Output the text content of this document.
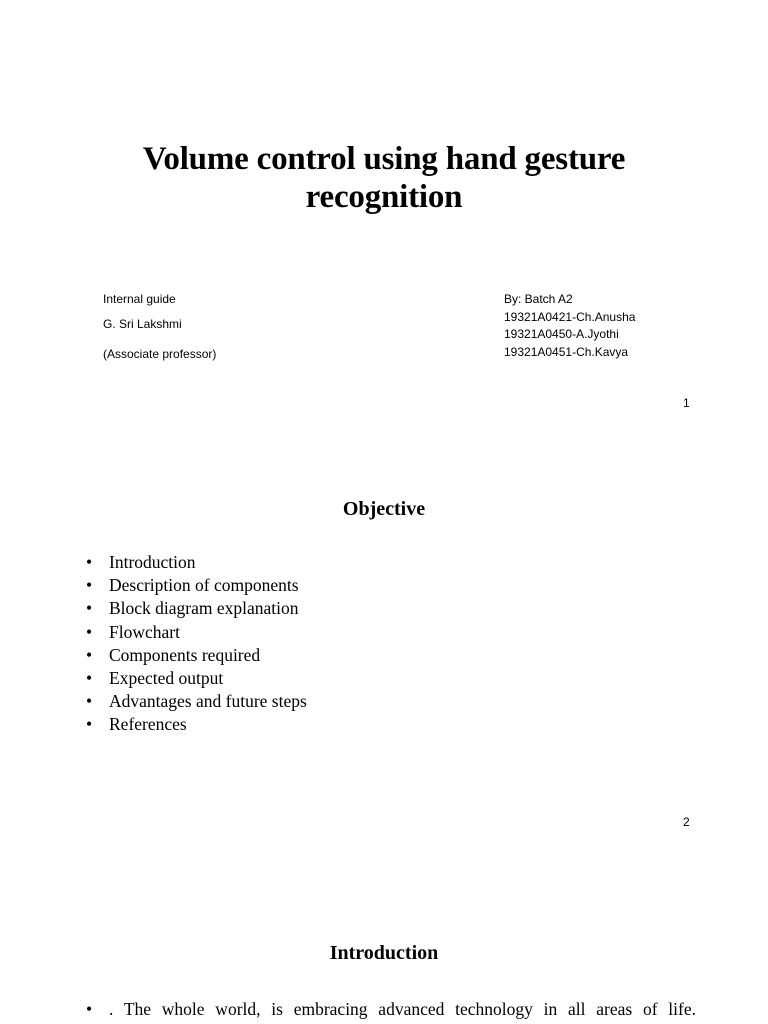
Volume control using hand gesture recognition
Internal guide
G. Sri Lakshmi
(Associate professor)
By: Batch A2
19321A0421-Ch.Anusha
19321A0450-A.Jyothi
19321A0451-Ch.Kavya
1
Objective
• Introduction
• Description of components
• Block diagram explanation
• Flowchart
• Components required
• Expected output
• Advantages and future steps
• References
2
Introduction
• . The whole world, is embracing advanced technology in all areas of life.
